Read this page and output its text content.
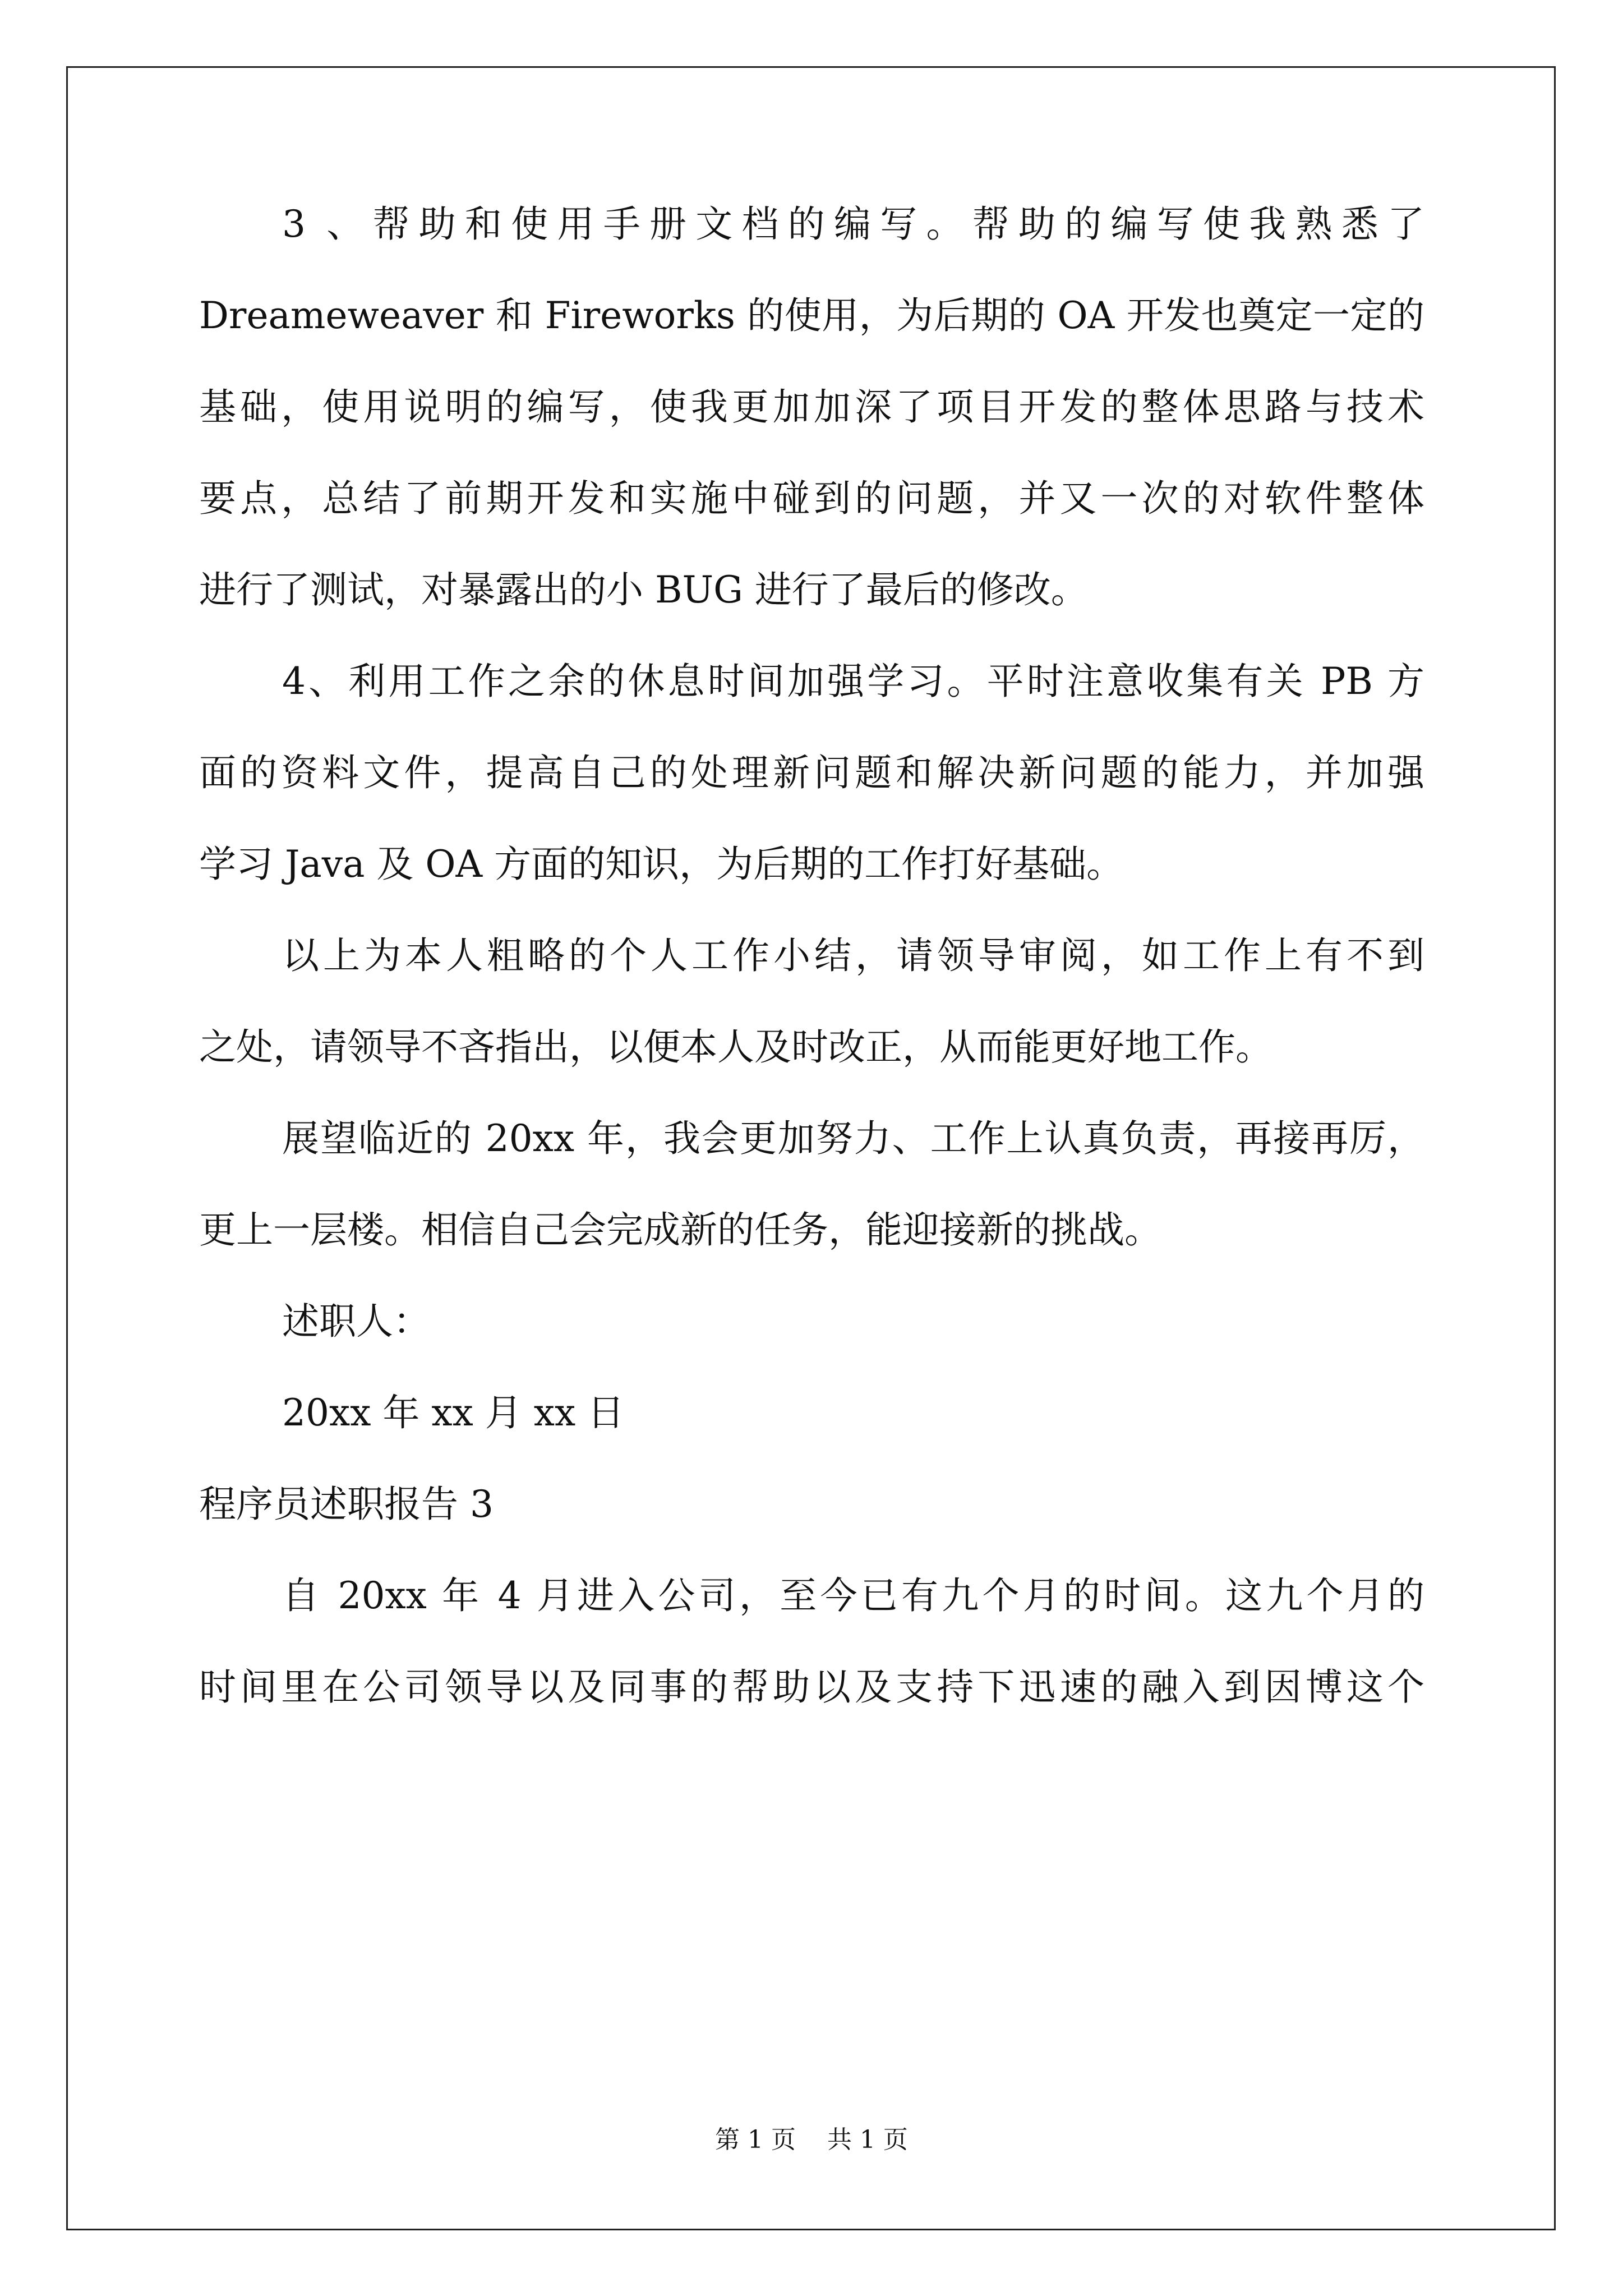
3 、帮助和使用手册文档的编写。帮助的编写使我熟悉了
Dreameweaver 和 Fireworks 的使用，为后期的 OA 开发也奠定一定的
基础，使用说明的编写，使我更加加深了项目开发的整体思路与技术
要点，总结了前期开发和实施中碰到的问题，并又一次的对软件整体
进行了测试，对暴露出的小 BUG 进行了最后的修改。
4、利用工作之余的休息时间加强学习。平时注意收集有关 PB 方
面的资料文件，提高自己的处理新问题和解决新问题的能力，并加强
学习 Java 及 OA 方面的知识，为后期的工作打好基础。
以上为本人粗略的个人工作小结，请领导审阅，如工作上有不到
之处，请领导不吝指出，以便本人及时改正，从而能更好地工作。
展望临近的 20xx 年，我会更加努力、工作上认真负责，再接再厉，
更上一层楼。相信自己会完成新的任务，能迎接新的挑战。
述职人：
20xx 年 xx 月 xx 日
程序员述职报告 3
自 20xx 年 4 月进入公司，至今已有九个月的时间。这九个月的
时间里在公司领导以及同事的帮助以及支持下迅速的融入到因博这个
第 1 页    共 1 页
